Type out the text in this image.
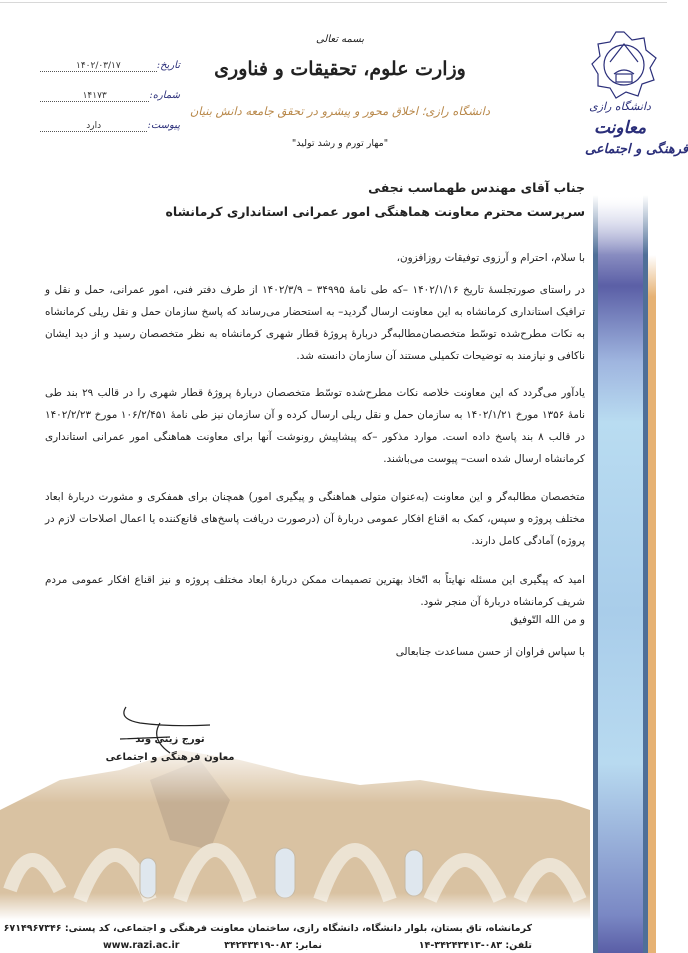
دانشگاه رازی
معاونت
فرهنگی و اجتماعی
بسمه تعالی
وزارت علوم، تحقیقات و فناوری
دانشگاه رازی؛ اخلاق محور و پیشرو در تحقق جامعه دانش بنیان
"مهار تورم و رشد تولید"
تاریخ:
۱۴۰۲/۰۳/۱۷
شماره:
۱۴۱۷۳
پیوست:
دارد
جناب آقای مهندس طهماسب نجفی
سرپرست محترم معاونت هماهنگی امور عمرانی استانداری کرمانشاه
با سلام، احترام و آرزوی توفیقات روزافزون،
در راستای صورتجلسهٔ تاریخ ۱۴۰۲/۱/۱۶ –که طی نامهٔ ۳۴۹۹۵ – ۱۴۰۲/۳/۹ از طرف دفتر فنی، امور عمرانی، حمل و نقل و ترافیک استانداری کرمانشاه به این معاونت ارسال گردید– به استحضار می‌رساند که پاسخ سازمان حمل و نقل ریلی کرمانشاه به نکات مطرح‌شده توسّط متخصصان‌مطالبه‌گر دربارهٔ پروژهٔ قطار شهری کرمانشاه به نظر متخصصان رسید و از دید ایشان ناکافی و نیازمند به توضیحات تکمیلی مستند آن سازمان دانسته شد.
یادآور می‌گردد که این معاونت خلاصه نکات مطرح‌شده توسّط متخصصان دربارهٔ پروژهٔ قطار شهری را در قالب ۲۹ بند طی نامهٔ ۱۳۵۶ مورخ ۱۴۰۲/۱/۲۱ به سازمان حمل و نقل ریلی ارسال کرده و آن سازمان نیز طی نامهٔ ۱۰۶/۲/۴۵۱ مورخ ۱۴۰۲/۲/۲۳ در قالب ۸ بند پاسخ داده است. موارد مذکور –که پیشاپیش رونوشت آنها برای معاونت هماهنگی امور عمرانی استانداری کرمانشاه ارسال شده است– پیوست می‌باشند.
متخصصان مطالبه‌گر و این معاونت (به‌عنوان متولی هماهنگی و پیگیری امور) همچنان برای همفکری و مشورت دربارهٔ ابعاد مختلف پروژه و سپس، کمک به اقناع افکار عمومی دربارهٔ آن (درصورت دریافت پاسخ‌های قانع‌کننده یا اعمال اصلاحات لازم در پروژه) آمادگی کامل دارند.
امید که پیگیری این مسئله نهایتاً به اتّخاذ بهترین تصمیمات ممکن دربارهٔ ابعاد مختلف پروژه و نیز اقناع افکار عمومی مردم شریف کرمانشاه دربارهٔ آن منجر شود.
و من الله التّوفیق
با سپاس فراوان از حسن مساعدت جنابعالی
تورج زینی وند
معاون فرهنگی و اجتماعی
کرمانشاه، تاق بستان، بلوار دانشگاه، دانشگاه رازی، ساختمان معاونت فرهنگی و اجتماعی، کد پستی: ۶۷۱۴۹۶۷۳۴۶
تلفن: ۰۸۳-۳۴۲۴۳۴۱۳-۱۴
نمابر: ۰۸۳-۳۴۲۴۳۴۱۹
www.razi.ac.ir
